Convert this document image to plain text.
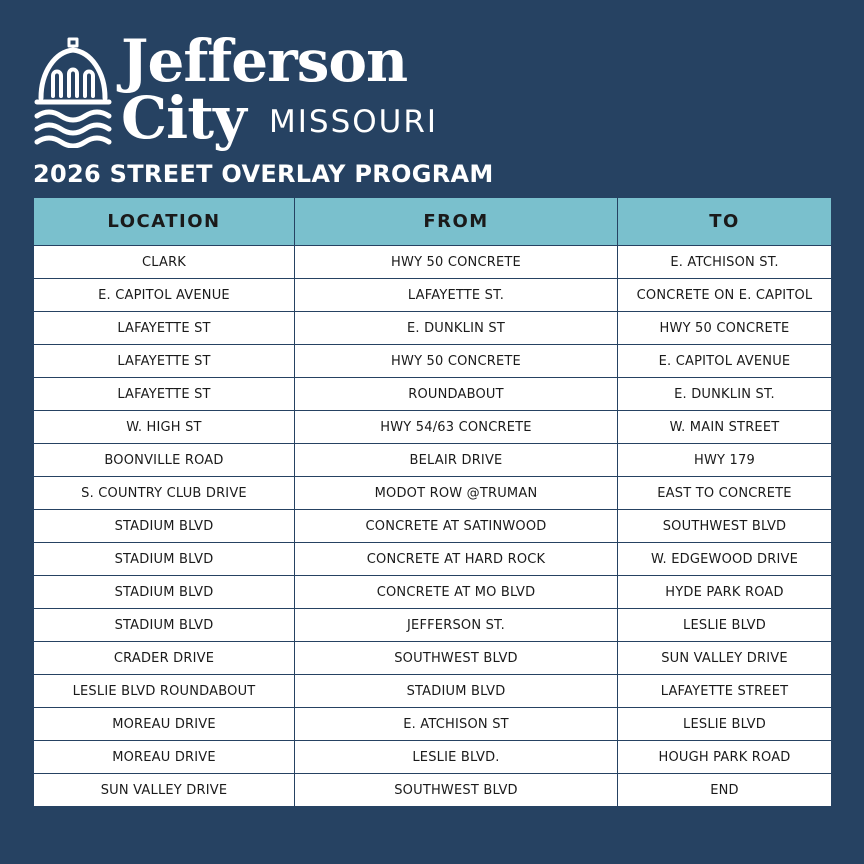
Jefferson
City MISSOURI
2026 STREET OVERLAY PROGRAM
LOCATION	FROM	TO
CLARK	HWY 50 CONCRETE	E. ATCHISON ST.
E. CAPITOL AVENUE	LAFAYETTE ST.	CONCRETE ON E. CAPITOL
LAFAYETTE ST	E. DUNKLIN ST	HWY 50 CONCRETE
LAFAYETTE ST	HWY 50 CONCRETE	E. CAPITOL AVENUE
LAFAYETTE ST	ROUNDABOUT	E. DUNKLIN ST.
W. HIGH ST	HWY 54/63 CONCRETE	W. MAIN STREET
BOONVILLE ROAD	BELAIR DRIVE	HWY 179
S. COUNTRY CLUB DRIVE	MODOT ROW @TRUMAN	EAST TO CONCRETE
STADIUM BLVD	CONCRETE AT SATINWOOD	SOUTHWEST BLVD
STADIUM BLVD	CONCRETE AT HARD ROCK	W. EDGEWOOD DRIVE
STADIUM BLVD	CONCRETE AT MO BLVD	HYDE PARK ROAD
STADIUM BLVD	JEFFERSON ST.	LESLIE BLVD
CRADER DRIVE	SOUTHWEST BLVD	SUN VALLEY DRIVE
LESLIE BLVD ROUNDABOUT	STADIUM BLVD	LAFAYETTE STREET
MOREAU DRIVE	E. ATCHISON ST	LESLIE BLVD
MOREAU DRIVE	LESLIE BLVD.	HOUGH PARK ROAD
SUN VALLEY DRIVE	SOUTHWEST BLVD	END
